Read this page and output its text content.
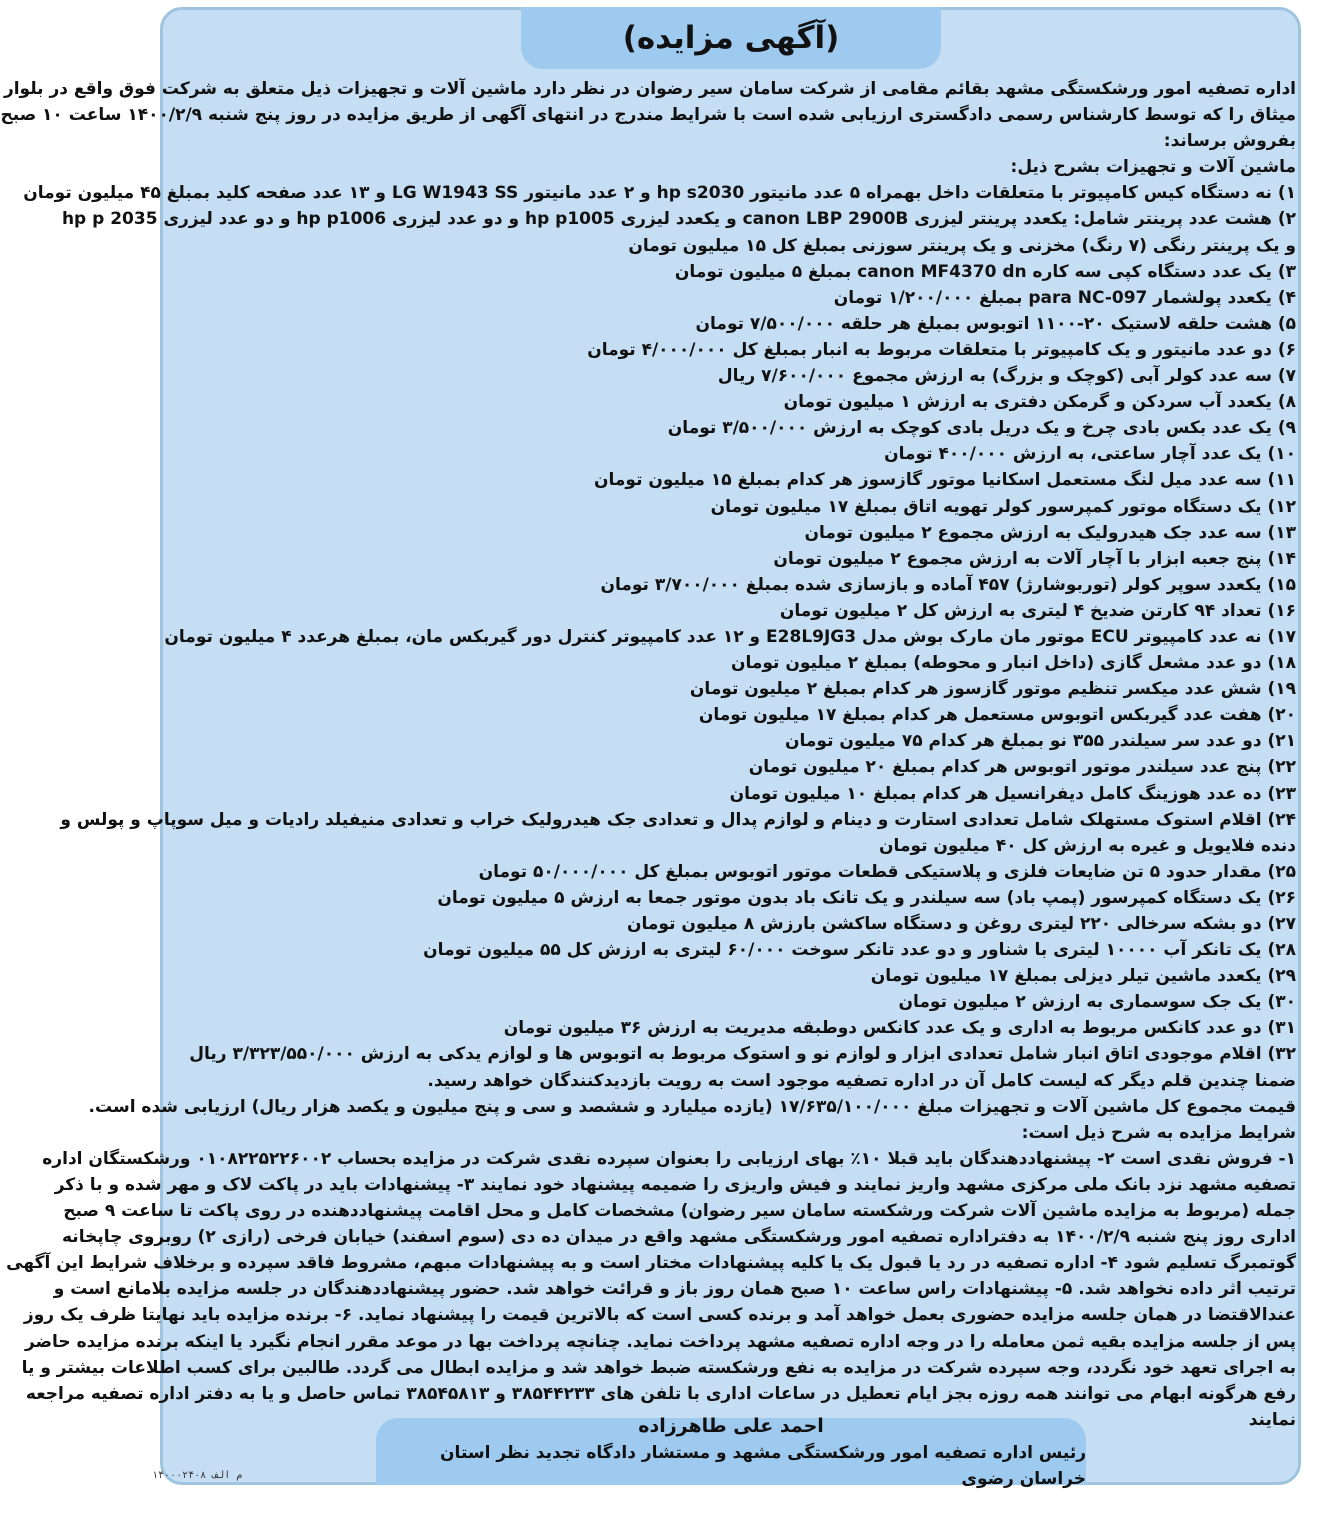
(آگهی مزایده)
اداره تصفیه امور ورشکستگی مشهد بقائم مقامی از شرکت سامان سیر رضوان در نظر دارد ماشین آلات و تجهیزات ذیل متعلق به شرکت فوق واقع در بلوار
میثاق را که توسط کارشناس رسمی دادگستری ارزیابی شده است با شرایط مندرج در انتهای آگهی از طریق مزایده در روز پنج شنبه ۱۴۰۰/۲/۹ ساعت ۱۰ صبح
بفروش برساند:
ماشین آلات و تجهیزات بشرح ذیل:
۱) نه دستگاه کیس کامپیوتر با متعلقات داخل بهمراه ۵ عدد مانیتور hp s2030 و ۲ عدد مانیتور LG W1943 SS و ۱۳ عدد صفحه کلید بمبلغ ۴۵ میلیون تومان
۲) هشت عدد پرینتر شامل: یکعدد پرینتر لیزری canon LBP 2900B و یکعدد لیزری hp p1005 و دو عدد لیزری hp p1006 و دو عدد لیزری hp p 2035
و یک پرینتر رنگی (۷ رنگ) مخزنی و یک پرینتر سوزنی بمبلغ کل ۱۵ میلیون تومان
۳) یک عدد دستگاه کپی سه کاره canon MF4370 dn بمبلغ ۵ میلیون تومان
۴) یکعدد پولشمار para NC-097 بمبلغ ۱/۲۰۰/۰۰۰ تومان
۵) هشت حلقه لاستیک ۲۰-۱۱۰۰ اتوبوس بمبلغ هر حلقه ۷/۵۰۰/۰۰۰ تومان
۶) دو عدد مانیتور و یک کامپیوتر با متعلقات مربوط به انبار بمبلغ کل ۴/۰۰۰/۰۰۰ تومان
۷) سه عدد کولر آبی (کوچک و بزرگ) به ارزش مجموع ۷/۶۰۰/۰۰۰ ریال
۸) یکعدد آب سردکن و گرمکن دفتری به ارزش ۱ میلیون تومان
۹) یک عدد بکس بادی چرخ و یک دریل بادی کوچک به ارزش ۳/۵۰۰/۰۰۰ تومان
۱۰) یک عدد آچار ساعتی، به ارزش ۴۰۰/۰۰۰ تومان
۱۱) سه عدد میل لنگ مستعمل اسکانیا موتور گازسوز هر کدام بمبلغ ۱۵ میلیون تومان
۱۲) یک دستگاه موتور کمپرسور کولر تهویه اتاق بمبلغ ۱۷ میلیون تومان
۱۳) سه عدد جک هیدرولیک به ارزش مجموع ۲ میلیون تومان
۱۴) پنج جعبه ابزار با آچار آلات به ارزش مجموع ۲ میلیون تومان
۱۵) یکعدد سوپر کولر (توربوشارژ) ۴۵۷ آماده و بازسازی شده بمبلغ ۳/۷۰۰/۰۰۰ تومان
۱۶) تعداد ۹۴ کارتن ضدیخ ۴ لیتری به ارزش کل ۲ میلیون تومان
۱۷) نه عدد کامپیوتر ECU موتور مان مارک بوش مدل E28L9JG3 و ۱۲ عدد کامپیوتر کنترل دور گیربکس مان، بمبلغ هرعدد ۴ میلیون تومان
۱۸) دو عدد مشعل گازی (داخل انبار و محوطه) بمبلغ ۲ میلیون تومان
۱۹) شش عدد میکسر تنظیم موتور گازسوز هر کدام بمبلغ ۲ میلیون تومان
۲۰) هفت عدد گیربکس اتوبوس مستعمل هر کدام بمبلغ ۱۷ میلیون تومان
۲۱) دو عدد سر سیلندر ۳۵۵ نو بمبلغ هر کدام ۷۵ میلیون تومان
۲۲) پنج عدد سیلندر موتور اتوبوس هر کدام بمبلغ ۲۰ میلیون تومان
۲۳) ده عدد هوزینگ کامل دیفرانسیل هر کدام بمبلغ ۱۰ میلیون تومان
۲۴) اقلام استوک مستهلک شامل تعدادی استارت و دینام و لوازم پدال و تعدادی جک هیدرولیک خراب و تعدادی منیفیلد رادیات و میل سوپاپ و پولس و
دنده فلایویل و غیره به ارزش کل ۴۰ میلیون تومان
۲۵) مقدار حدود ۵ تن ضایعات فلزی و پلاستیکی قطعات موتور اتوبوس بمبلغ کل ۵۰/۰۰۰/۰۰۰ تومان
۲۶) یک دستگاه کمپرسور (پمپ باد) سه سیلندر و یک تانک باد بدون موتور جمعا به ارزش ۵ میلیون تومان
۲۷) دو بشکه سرخالی ۲۲۰ لیتری روغن و دستگاه ساکشن بارزش ۸ میلیون تومان
۲۸) یک تانکر آب ۱۰۰۰۰ لیتری با شناور و دو عدد تانکر سوخت ۶۰/۰۰۰ لیتری به ارزش کل ۵۵ میلیون تومان
۲۹) یکعدد ماشین تیلر دیزلی بمبلغ ۱۷ میلیون تومان
۳۰) یک جک سوسماری به ارزش ۲ میلیون تومان
۳۱) دو عدد کانکس مربوط به اداری و یک عدد کانکس دوطبقه مدیریت به ارزش ۳۶ میلیون تومان
۳۲) اقلام موجودی اتاق انبار شامل تعدادی ابزار و لوازم نو و استوک مربوط به اتوبوس ها و لوازم یدکی به ارزش ۳/۳۲۳/۵۵۰/۰۰۰ ریال
ضمنا چندین قلم دیگر که لیست کامل آن در اداره تصفیه موجود است به رویت بازدیدکنندگان خواهد رسید.
قیمت مجموع کل ماشین آلات و تجهیزات مبلغ ۱۷/۶۳۵/۱۰۰/۰۰۰ (یازده میلیارد و ششصد و سی و پنج میلیون و یکصد هزار ریال) ارزیابی شده است.
شرایط مزایده به شرح ذیل است:
۱- فروش نقدی است ۲- پیشنهاددهندگان باید قبلا ۱۰٪ بهای ارزیابی را بعنوان سپرده نقدی شرکت در مزایده بحساب ۰۱۰۸۲۲۵۲۲۶۰۰۲ ورشکستگان اداره
تصفیه مشهد نزد بانک ملی مرکزی مشهد واریز نمایند و فیش واریزی را ضمیمه پیشنهاد خود نمایند ۳- پیشنهادات باید در پاکت لاک و مهر شده و با ذکر
جمله (مربوط به مزایده ماشین آلات شرکت ورشکسته سامان سیر رضوان) مشخصات کامل و محل اقامت پیشنهاددهنده در روی پاکت تا ساعت ۹ صبح
اداری روز پنج شنبه ۱۴۰۰/۲/۹ به دفتراداره تصفیه امور ورشکستگی مشهد واقع در میدان ده دی (سوم اسفند) خیابان فرخی (رازی ۲) روبروی چاپخانه
گوتمبرگ تسلیم شود ۴- اداره تصفیه در رد یا قبول یک یا کلیه پیشنهادات مختار است و به پیشنهادات مبهم، مشروط فاقد سپرده و برخلاف شرایط این آگهی
ترتیب اثر داده نخواهد شد. ۵- پیشنهادات راس ساعت ۱۰ صبح همان روز باز و قرائت خواهد شد. حضور پیشنهاددهندگان در جلسه مزایده بلامانع است و
عندالاقتضا در همان جلسه مزایده حضوری بعمل خواهد آمد و برنده کسی است که بالاترین قیمت را پیشنهاد نماید. ۶- برنده مزایده باید نهایتا ظرف یک روز
پس از جلسه مزایده بقیه ثمن معامله را در وجه اداره تصفیه مشهد پرداخت نماید. چنانچه پرداخت بها در موعد مقرر انجام نگیرد یا اینکه برنده مزایده حاضر
به اجرای تعهد خود نگردد، وجه سپرده شرکت در مزایده به نفع ورشکسته ضبط خواهد شد و مزایده ابطال می گردد. طالبین برای کسب اطلاعات بیشتر و یا
رفع هرگونه ابهام می توانند همه روزه بجز ایام تعطیل در ساعات اداری با تلفن های ۳۸۵۴۴۲۳۳ و ۳۸۵۴۵۸۱۳ تماس حاصل و یا به دفتر اداره تصفیه مراجعه
نمایند
احمد علی طاهرزاده
رئیس اداره تصفیه امور ورشکستگی مشهد و مستشار دادگاه تجدید نظر استان خراسان رضوی
۱۴۰۰۰۲۴۰۸ م الف
